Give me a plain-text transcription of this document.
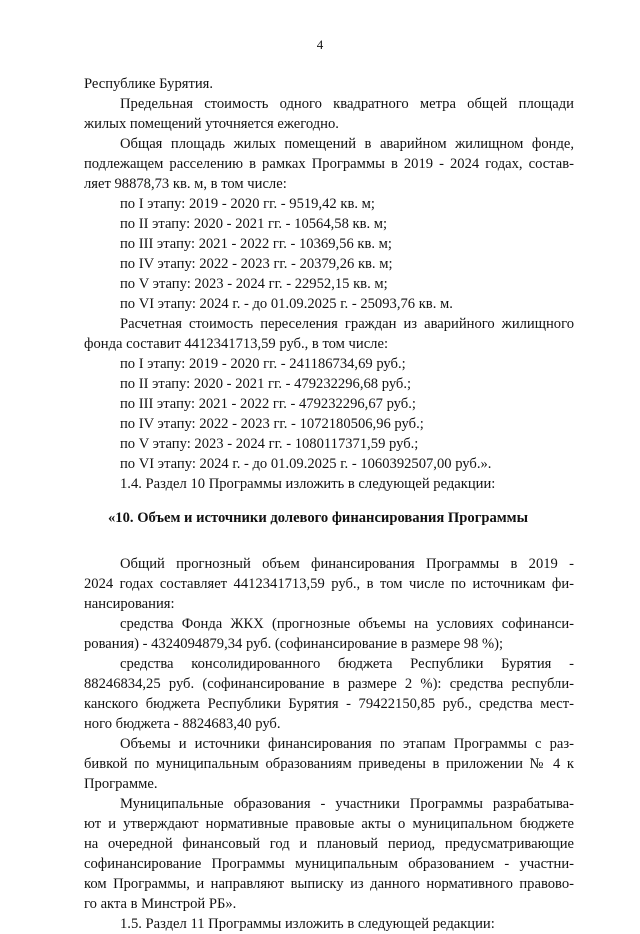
4
Республике Бурятия.
Предельная стоимость одного квадратного метра общей площади
жилых помещений уточняется ежегодно.
Общая площадь жилых помещений в аварийном жилищном фонде,
подлежащем расселению в рамках Программы в 2019 - 2024 годах, состав-
ляет 98878,73 кв. м, в том числе:
по I этапу: 2019 - 2020 гг. - 9519,42 кв. м;
по II этапу: 2020 - 2021 гг. - 10564,58 кв. м;
по III этапу: 2021 - 2022 гг. - 10369,56 кв. м;
по IV этапу: 2022 - 2023 гг. - 20379,26 кв. м;
по V этапу: 2023 - 2024 гг. - 22952,15 кв. м;
по VI этапу: 2024 г. - до 01.09.2025 г. - 25093,76 кв. м.
Расчетная стоимость переселения граждан из аварийного жилищного
фонда составит 4412341713,59 руб., в том числе:
по I этапу: 2019 - 2020 гг. - 241186734,69 руб.;
по II этапу: 2020 - 2021 гг. - 479232296,68 руб.;
по III этапу: 2021 - 2022 гг. - 479232296,67 руб.;
по IV этапу: 2022 - 2023 гг. - 1072180506,96 руб.;
по V этапу: 2023 - 2024 гг. - 1080117371,59 руб.;
по VI этапу: 2024 г. - до 01.09.2025 г. - 1060392507,00 руб.».
1.4. Раздел 10 Программы изложить в следующей редакции:
«10. Объем и источники долевого финансирования Программы
Общий прогнозный объем финансирования Программы в 2019 -
2024 годах составляет 4412341713,59 руб., в том числе по источникам фи-
нансирования:
средства Фонда ЖКХ (прогнозные объемы на условиях софинанси-
рования) - 4324094879,34 руб. (софинансирование в размере 98 %);
средства консолидированного бюджета Республики Бурятия -
88246834,25 руб. (софинансирование в размере 2 %): средства республи-
канского бюджета Республики Бурятия - 79422150,85 руб., средства мест-
ного бюджета - 8824683,40 руб.
Объемы и источники финансирования по этапам Программы с раз-
бивкой по муниципальным образованиям приведены в приложении № 4 к
Программе.
Муниципальные образования - участники Программы разрабатыва-
ют и утверждают нормативные правовые акты о муниципальном бюджете
на очередной финансовый год и плановый период, предусматривающие
софинансирование Программы муниципальным образованием - участни-
ком Программы, и направляют выписку из данного нормативного правово-
го акта в Минстрой РБ».
1.5. Раздел 11 Программы изложить в следующей редакции:
